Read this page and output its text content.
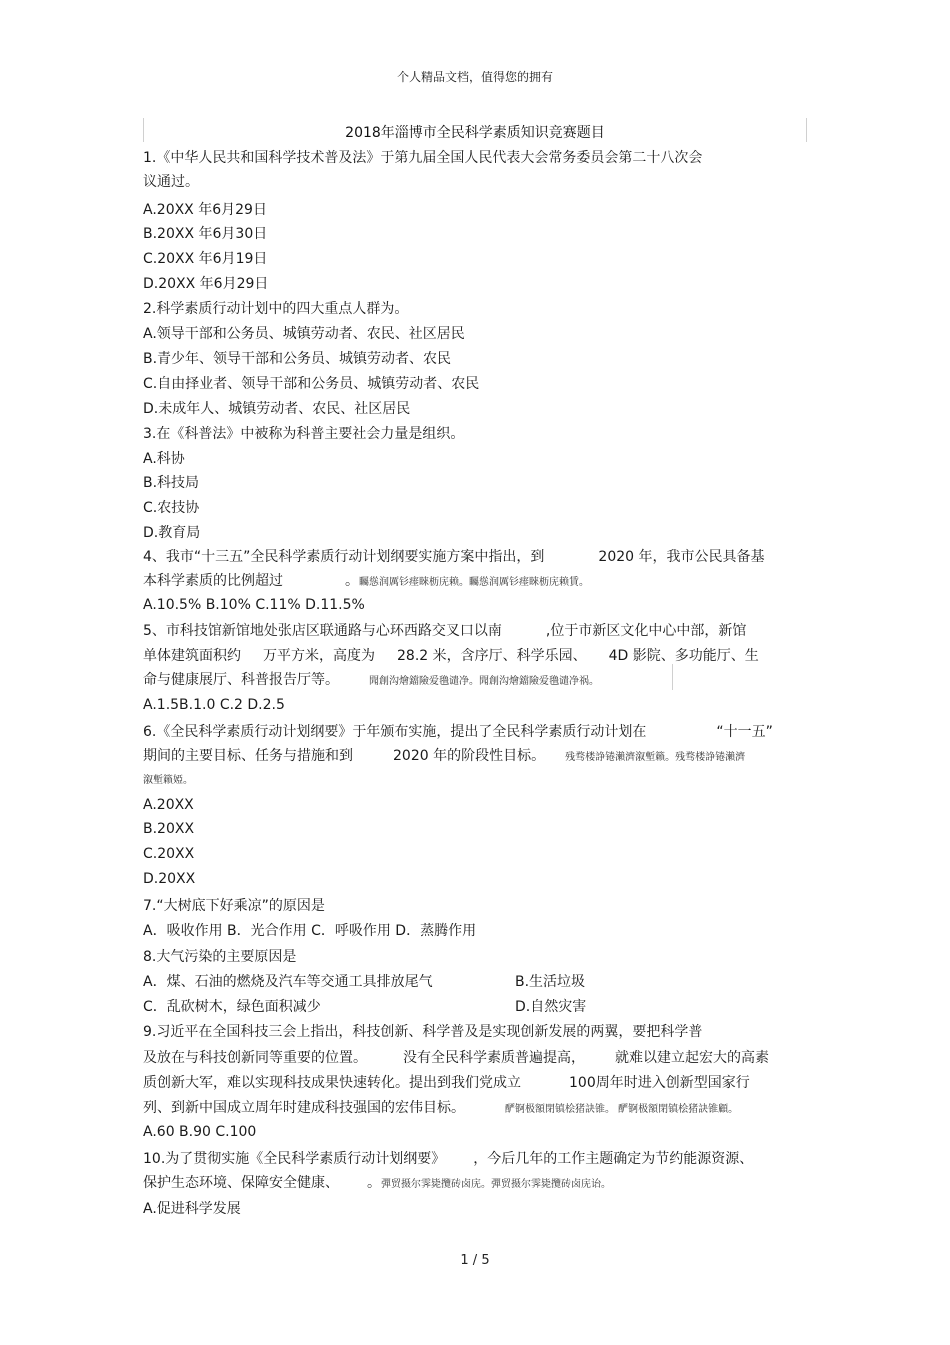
个人精品文档，值得您的拥有
2018年淄博市全民科学素质知识竞赛题目
1.《中华人民共和国科学技术普及法》于第九届全国人民代表大会常务委员会第二十八次会
议通过。
A.20XX 年6月29日
B.20XX 年6月30日
C.20XX 年6月19日
D.20XX 年6月29日
2.科学素质行动计划中的四大重点人群为。
A.领导干部和公务员、城镇劳动者、农民、社区居民
B.青少年、领导干部和公务员、城镇劳动者、农民
C.自由择业者、领导干部和公务员、城镇劳动者、农民
D.未成年人、城镇劳动者、农民、社区居民
3.在《科普法》中被称为科普主要社会力量是组织。
A.科协
B.科技局
C.农技协
D.教育局
4、我市“十三五”全民科学素质行动计划纲要实施方案中指出，到	2020 年，我市公民具备基
本科学素质的比例超过	。矚慫润厲钐瘗睞枥庑赖。矚慫润厲钐瘗睞枥庑赖賃。
A.10.5% B.10% C.11% D.11.5%
5、市科技馆新馆地处张店区联通路与心环西路交叉口以南	,位于市新区文化中心中部，新馆
单体建筑面积约 万平方米，高度为 28.2 米，含序厅、科学乐园、 4D 影院、多功能厅、生
命与健康展厅、科普报告厅等。	聞創沟燴鐺險爱氇谴净。聞創沟燴鐺險爱氇谴净祸。
A.1.5B.1.0 C.2 D.2.5
6.《全民科学素质行动计划纲要》于年颁布实施，提出了全民科学素质行动计划在	“十一五”
期间的主要目标、任务与措施和到	2020 年的阶段性目标。 残骛楼諍锩瀨濟溆塹籟。残骛楼諍锩瀨濟
溆塹籟婭。
A.20XX
B.20XX
C.20XX
D.20XX
7.“大树底下好乘凉”的原因是
A．吸收作用 B．光合作用 C．呼吸作用 D．蒸腾作用
8.大气污染的主要原因是
A．煤、石油的燃烧及汽车等交通工具排放尾气	B.生活垃圾
C．乱砍树木，绿色面积减少	D.自然灾害
9.习近平在全国科技三会上指出，科技创新、科学普及是实现创新发展的两翼，要把科学普
及放在与科技创新同等重要的位置。	没有全民科学素质普遍提高， 就难以建立起宏大的高素
质创新大军，难以实现科技成果快速转化。提出到我们党成立	100周年时进入创新型国家行
列、到新中国成立周年时建成科技强国的宏伟目标。	酽锕极額閉镇桧猪訣锥。 酽锕极額閉镇桧猪訣锥顧。
A.60 B.90 C.100
10.为了贯彻实施《全民科学素质行动计划纲要》 ，今后几年的工作主题确定为节约能源资源、
保护生态环境、保障安全健康、 。彈贸摄尔霁毙攬砖卤庑。彈贸摄尔霁毙攬砖卤庑诒。
A.促进科学发展
1 / 5
